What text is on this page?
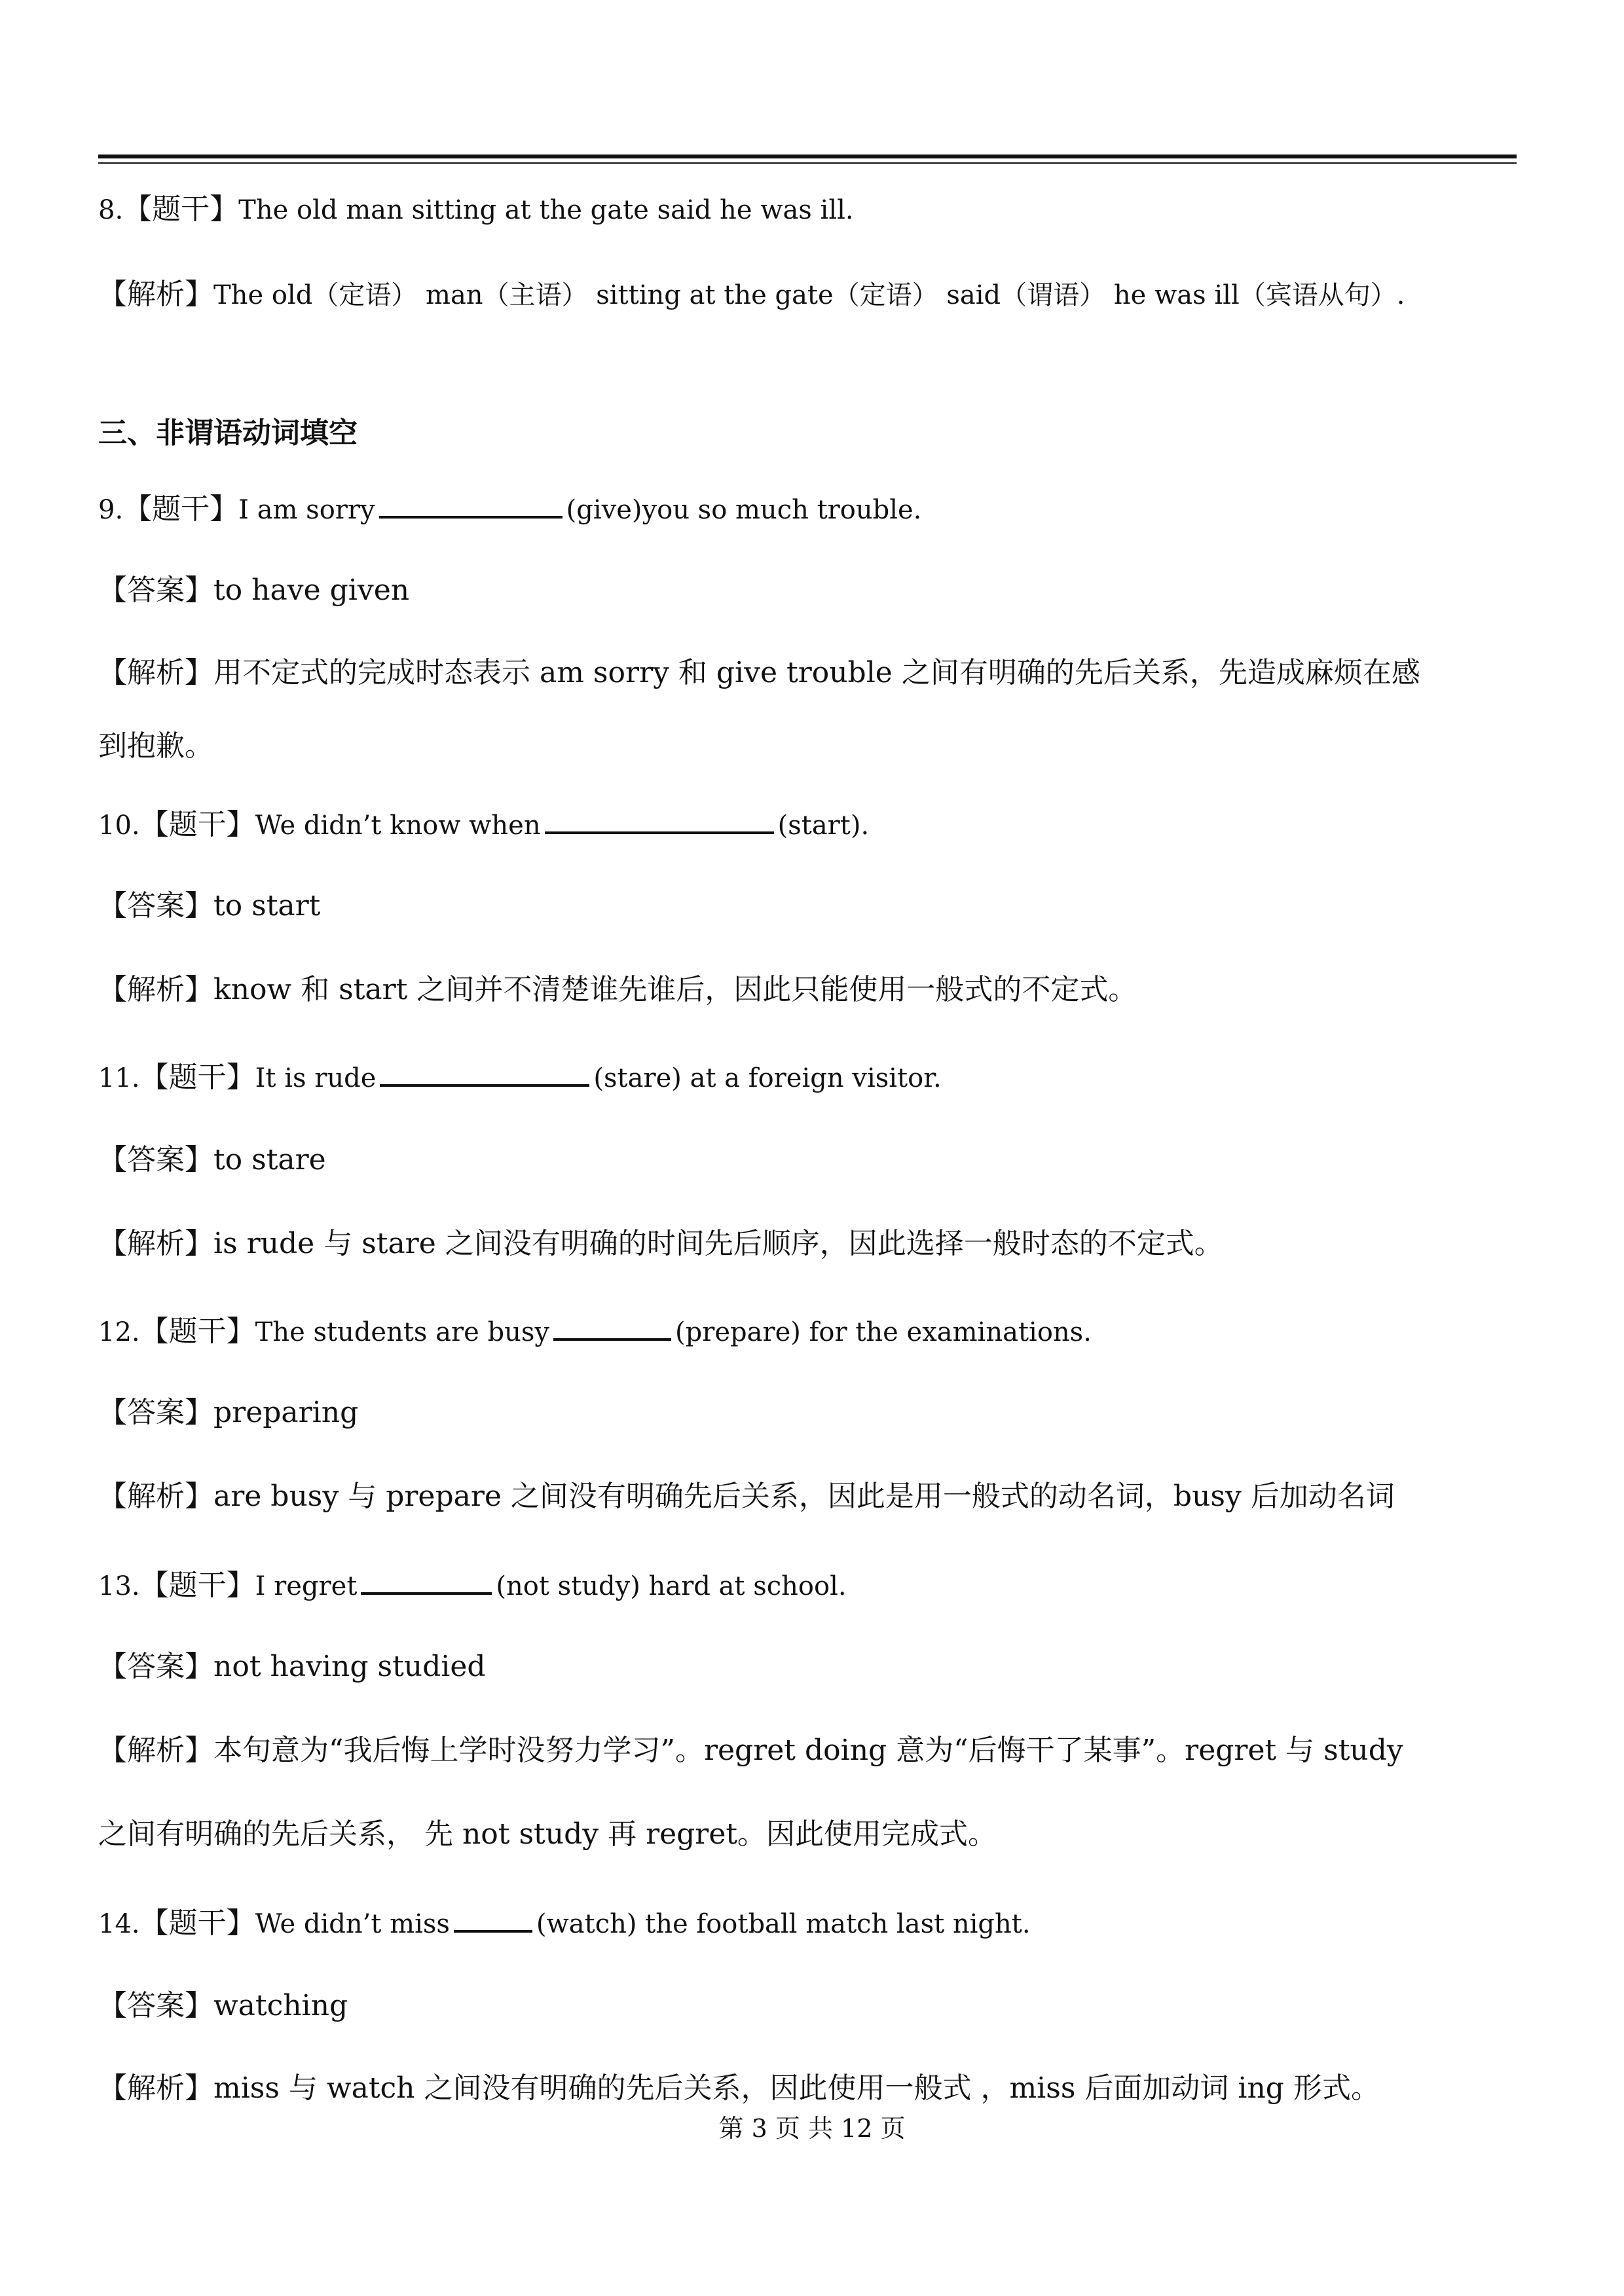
8.【题干】The old man sitting at the gate said he was ill.
【解析】The old（定语） man（主语） sitting at the gate（定语） said（谓语） he was ill（宾语从句）.
三、非谓语动词填空
9.【题干】I am sorry	(give)you so much trouble.
【答案】to have given
【解析】用不定式的完成时态表示 am sorry 和 give trouble 之间有明确的先后关系，先造成麻烦在感
到抱歉。
10.【题干】We didn’t know when	(start).
【答案】to start
【解析】know 和 start 之间并不清楚谁先谁后，因此只能使用一般式的不定式。
11.【题干】It is rude	(stare) at a foreign visitor.
【答案】to stare
【解析】is rude 与 stare 之间没有明确的时间先后顺序，因此选择一般时态的不定式。
12.【题干】The students are busy	(prepare) for the examinations.
【答案】preparing
【解析】are busy 与 prepare 之间没有明确先后关系，因此是用一般式的动名词，busy 后加动名词
13.【题干】I regret	(not study) hard at school.
【答案】not having studied
【解析】本句意为“我后悔上学时没努力学习”。regret doing 意为“后悔干了某事”。regret 与 study
之间有明确的先后关系， 先 not study 再 regret。因此使用完成式。
14.【题干】We didn’t miss	(watch) the football match last night.
【答案】watching
【解析】miss 与 watch 之间没有明确的先后关系，因此使用一般式 ，miss 后面加动词 ing 形式。
第 3 页 共 12 页
